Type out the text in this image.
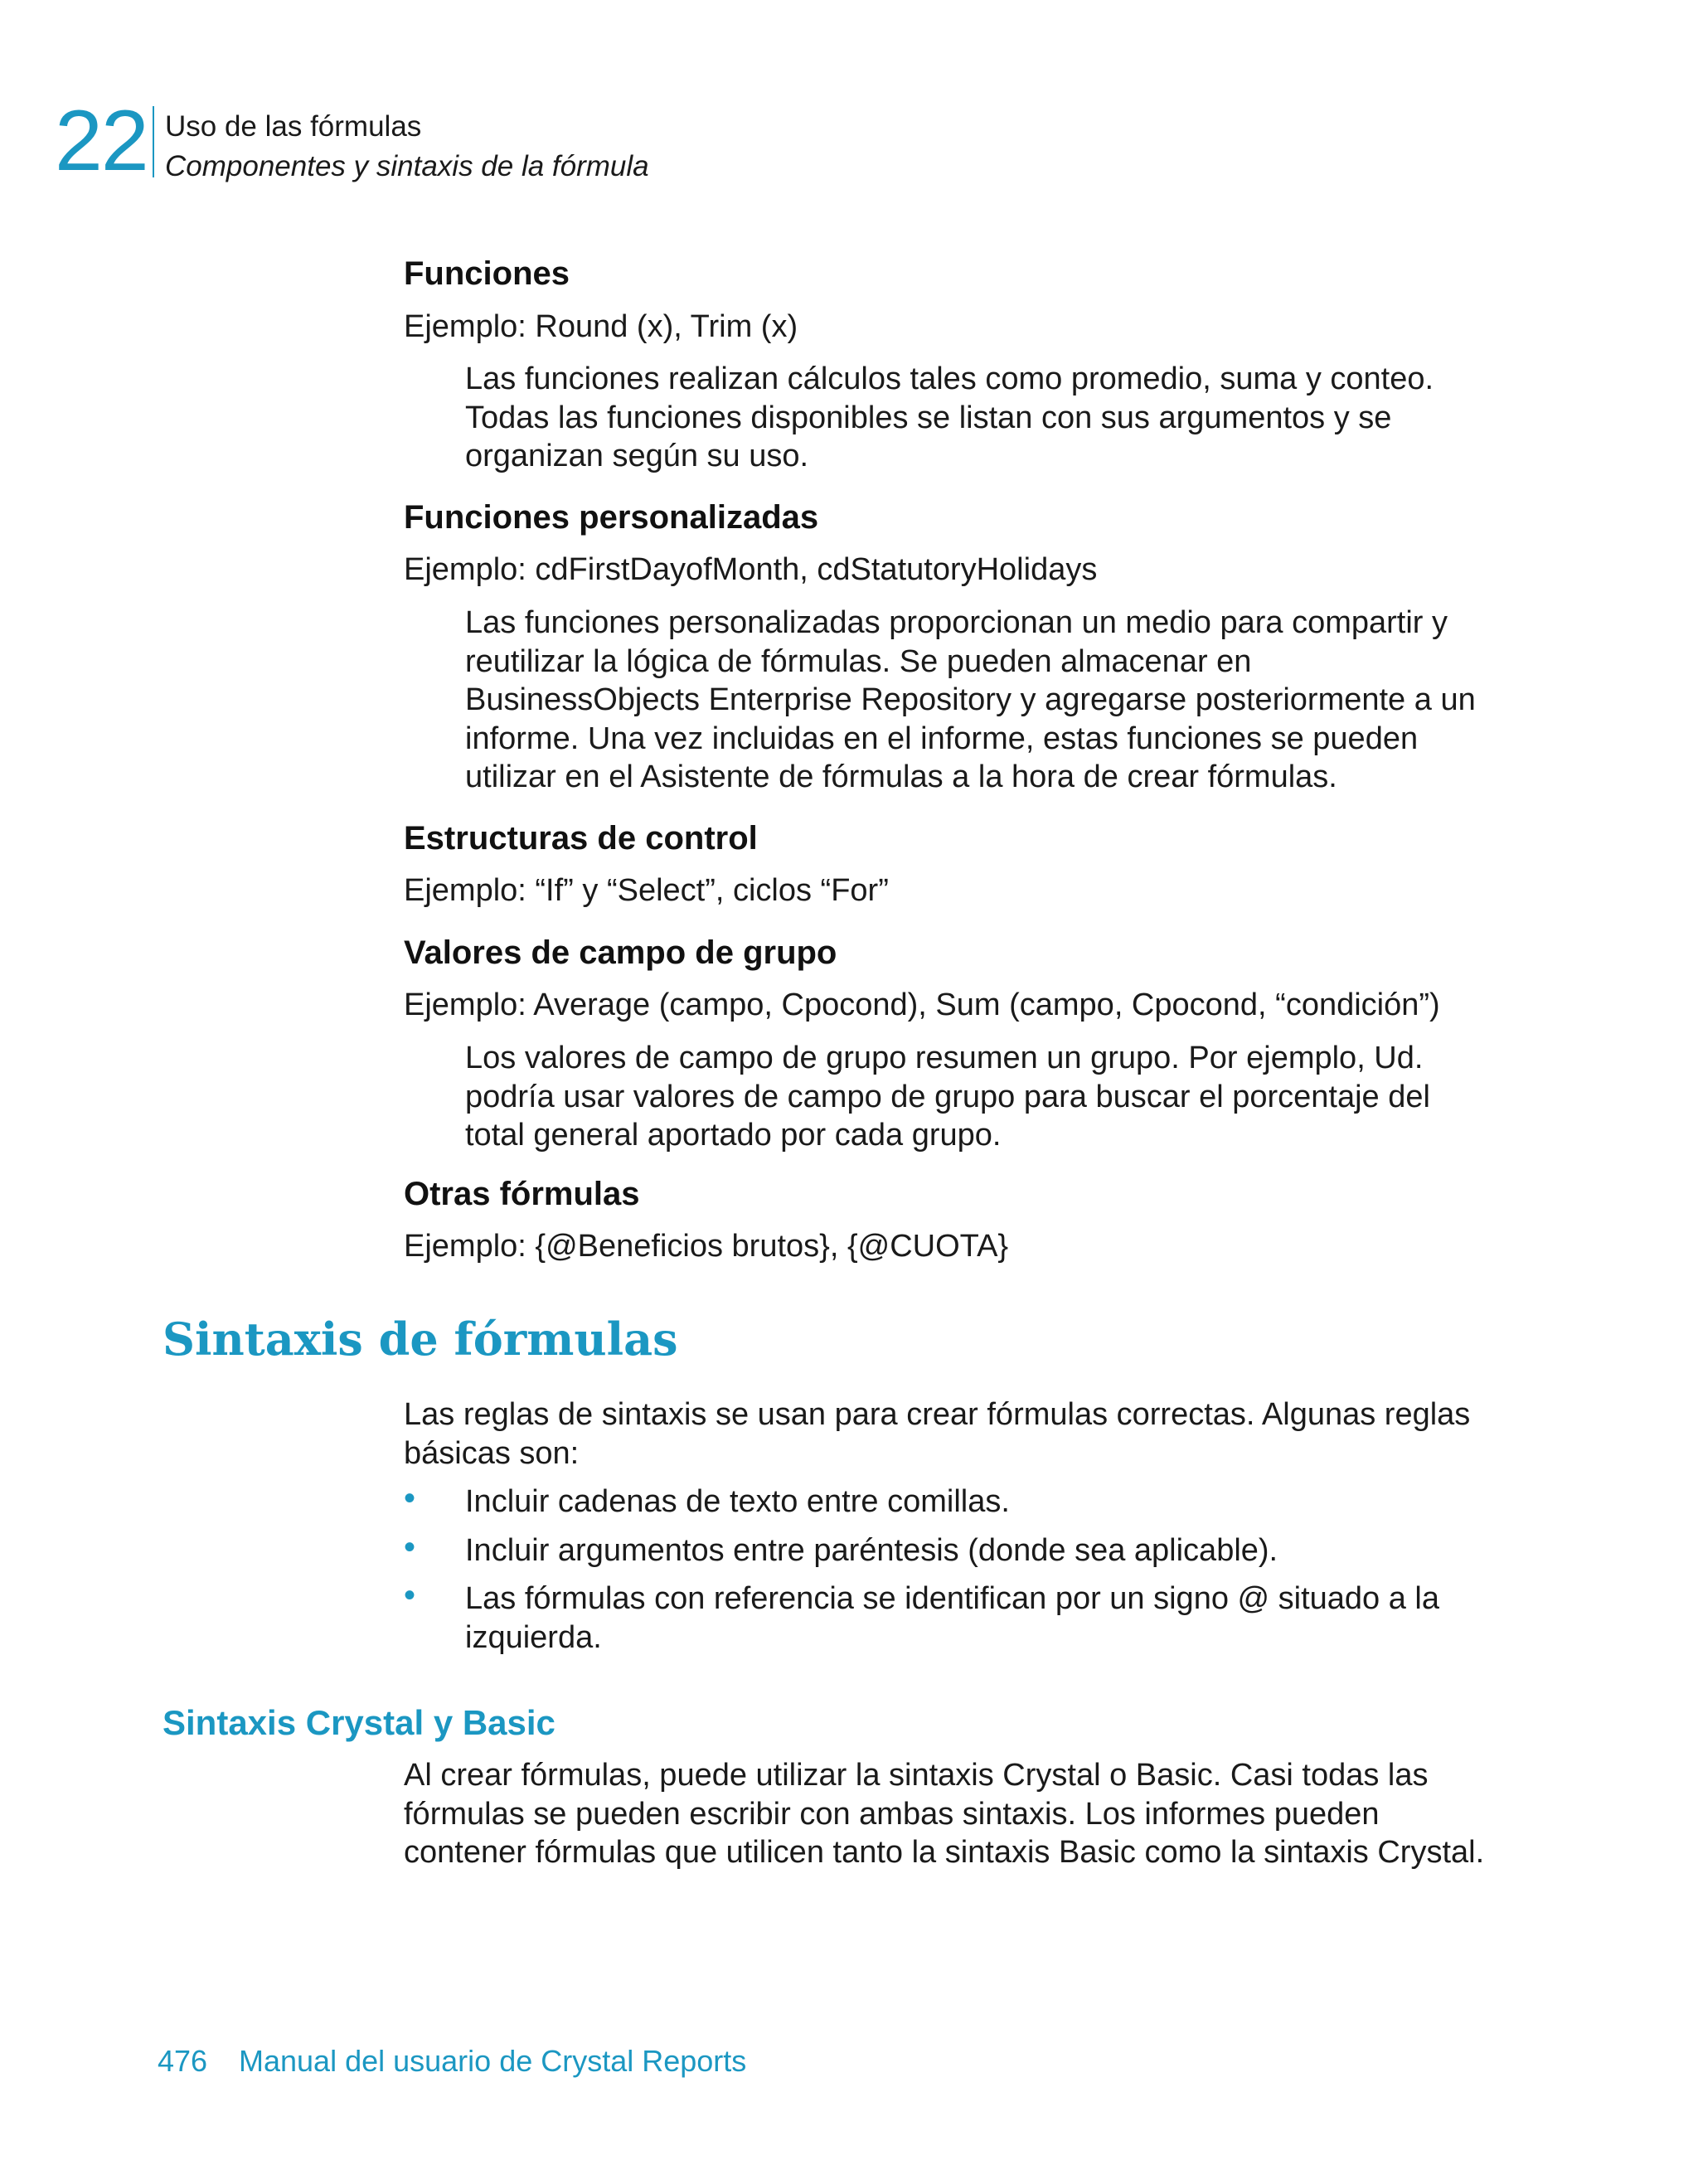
22 Uso de las fórmulas
Componentes y sintaxis de la fórmula
Funciones
Ejemplo: Round (x), Trim (x)
Las funciones realizan cálculos tales como promedio, suma y conteo.
Todas las funciones disponibles se listan con sus argumentos y se
organizan según su uso.
Funciones personalizadas
Ejemplo: cdFirstDayofMonth, cdStatutoryHolidays
Las funciones personalizadas proporcionan un medio para compartir y
reutilizar la lógica de fórmulas. Se pueden almacenar en
BusinessObjects Enterprise Repository y agregarse posteriormente a un
informe. Una vez incluidas en el informe, estas funciones se pueden
utilizar en el Asistente de fórmulas a la hora de crear fórmulas.
Estructuras de control
Ejemplo: “If” y “Select”, ciclos “For”
Valores de campo de grupo
Ejemplo: Average (campo, Cpocond), Sum (campo, Cpocond, “condición”)
Los valores de campo de grupo resumen un grupo. Por ejemplo, Ud.
podría usar valores de campo de grupo para buscar el porcentaje del
total general aportado por cada grupo.
Otras fórmulas
Ejemplo: {@Beneficios brutos}, {@CUOTA}
Sintaxis de fórmulas
Las reglas de sintaxis se usan para crear fórmulas correctas. Algunas reglas
básicas son:
• Incluir cadenas de texto entre comillas.
• Incluir argumentos entre paréntesis (donde sea aplicable).
• Las fórmulas con referencia se identifican por un signo @ situado a la
izquierda.
Sintaxis Crystal y Basic
Al crear fórmulas, puede utilizar la sintaxis Crystal o Basic. Casi todas las
fórmulas se pueden escribir con ambas sintaxis. Los informes pueden
contener fórmulas que utilicen tanto la sintaxis Basic como la sintaxis Crystal.
476 Manual del usuario de Crystal Reports
